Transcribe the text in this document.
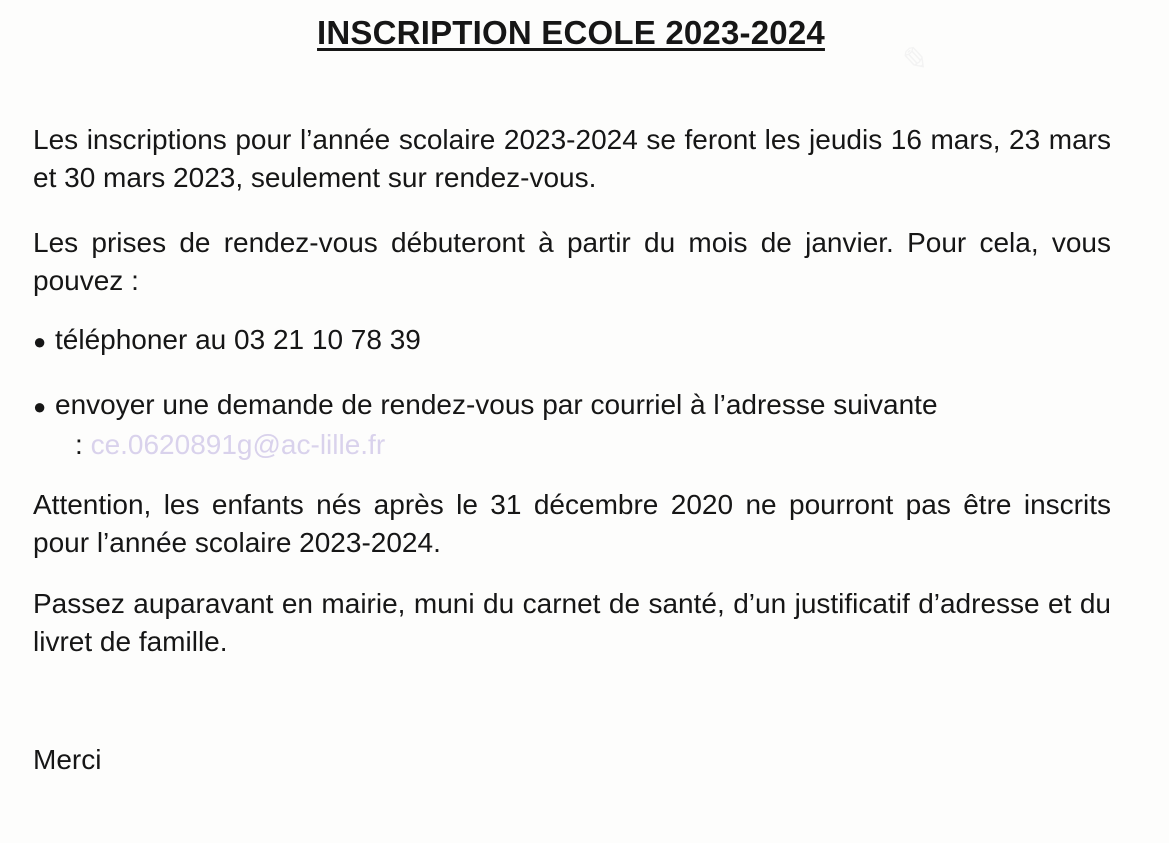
✎
INSCRIPTION ECOLE 2023-2024

Les inscriptions pour l’année scolaire 2023-2024 se feront les jeudis 16 mars, 23 mars et 30 mars 2023, seulement sur rendez-vous.

Les prises de rendez-vous débuteront à partir du mois de janvier. Pour cela, vous pouvez :

● téléphoner au 03 21 10 78 39

● envoyer une demande de rendez-vous par courriel à l’adresse suivante
: ce.0620891g@ac-lille.fr

Attention, les enfants nés après le 31 décembre 2020 ne pourront pas être inscrits pour l’année scolaire 2023-2024.

Passez auparavant en mairie, muni du carnet de santé, d’un justificatif d’adresse et du livret de famille.

Merci
